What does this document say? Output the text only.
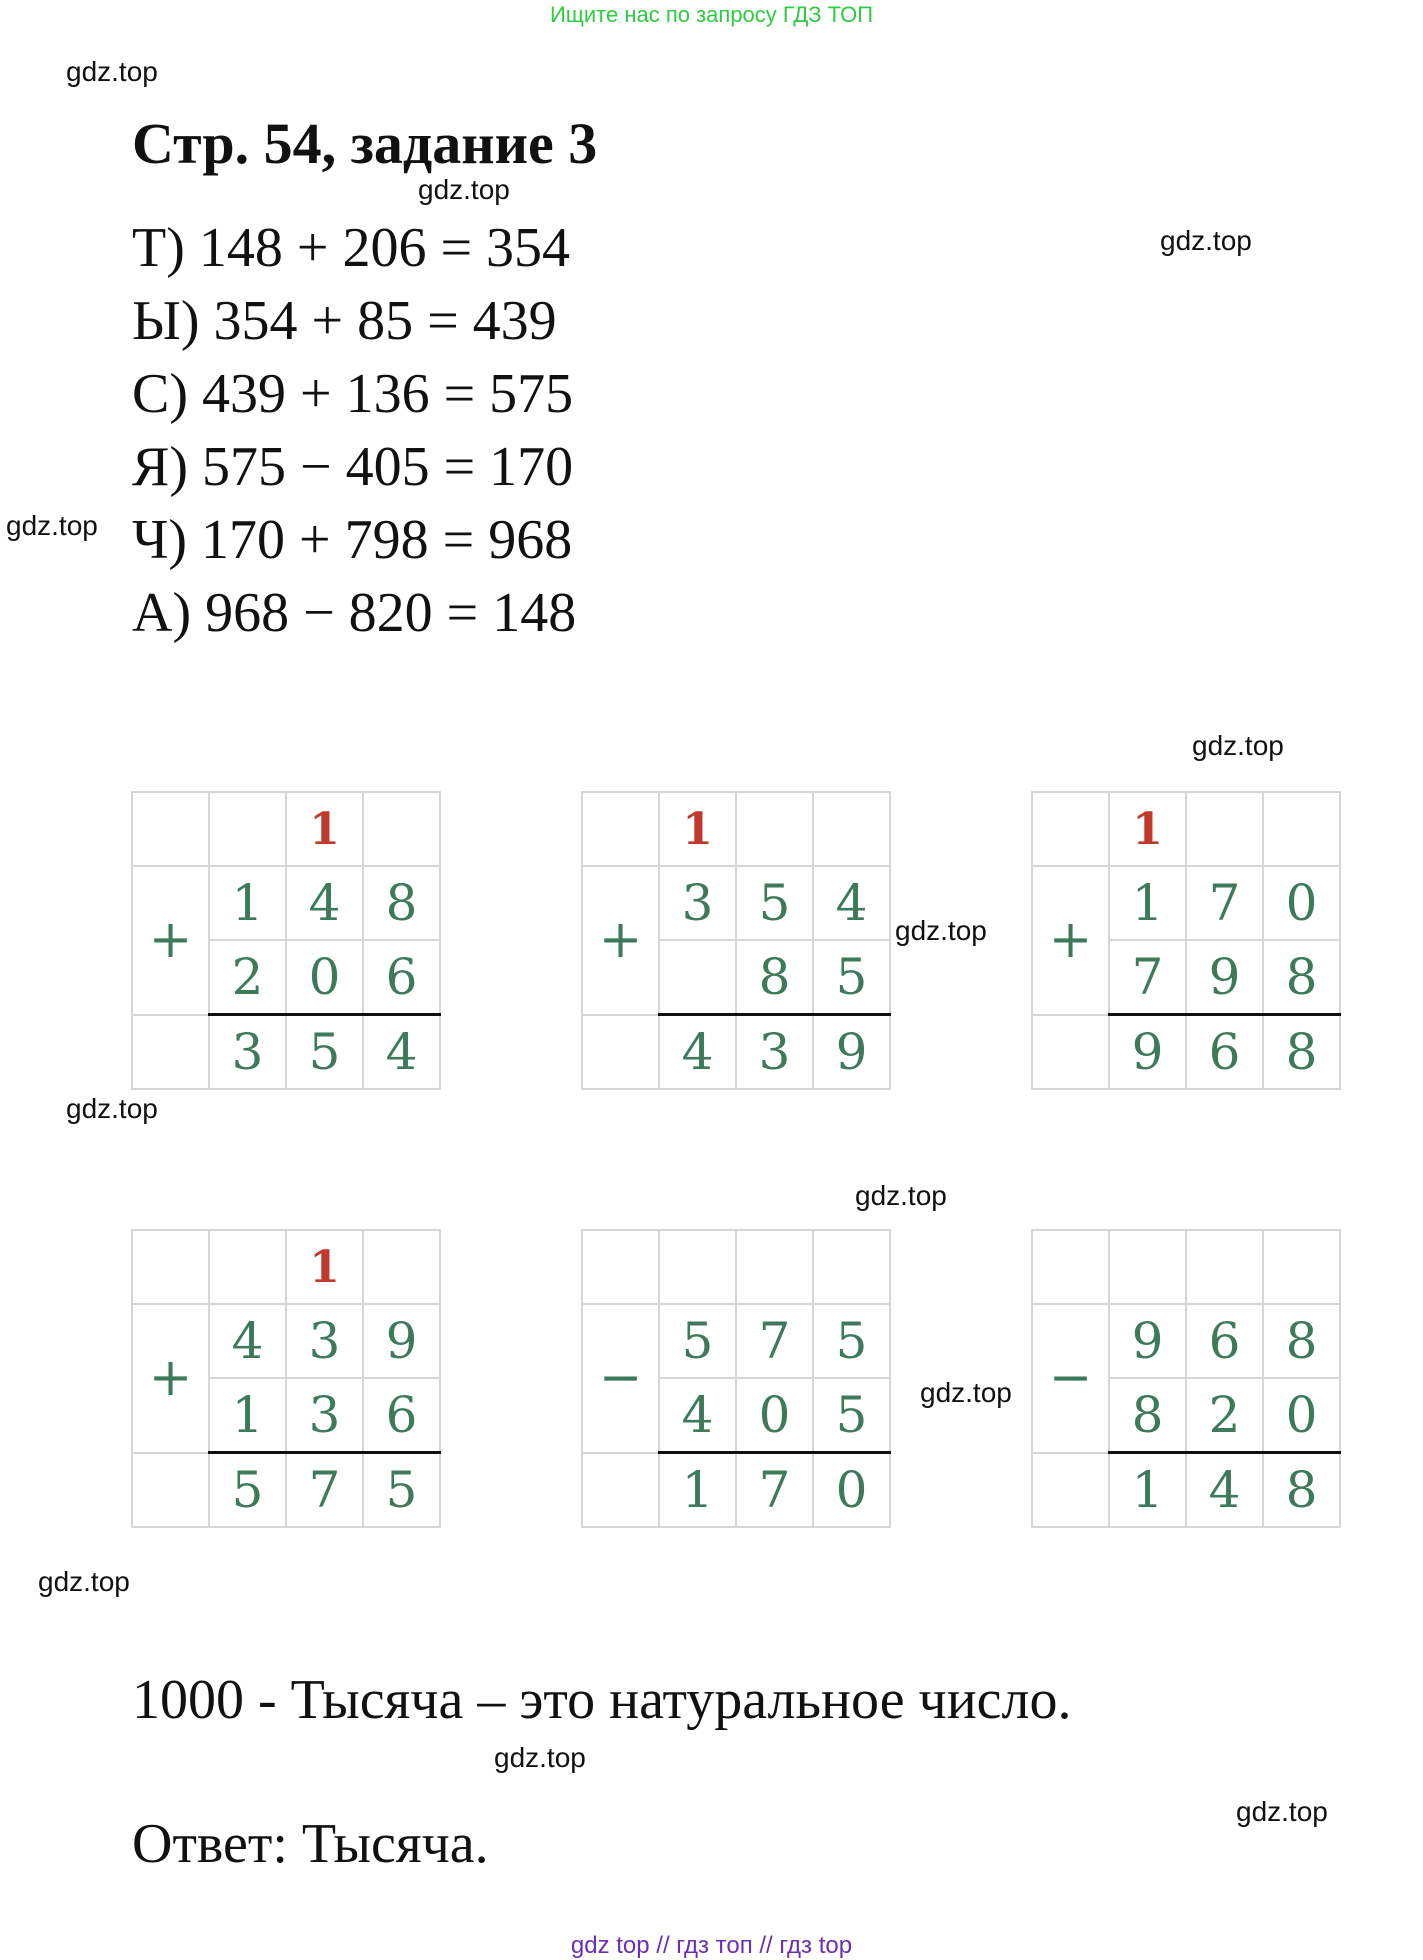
Ищите нас по запросу ГДЗ ТОП
gdz.top
gdz.top
gdz.top
gdz.top
gdz.top
gdz.top
gdz.top
gdz.top
gdz.top
gdz.top
gdz.top
gdz.top
Стр. 54, задание 3
Т) 148 + 206 = 354
Ы) 354 + 85 = 439
С) 439 + 136 = 575
Я) 575 − 405 = 170
Ч) 170 + 798 = 968
А) 968 − 820 = 148
		1	
+	1	4	8
	2	0	6
	3	5	4
	1		
+	3	5	4
		8	5
	4	3	9
	1		
+	1	7	0
	7	9	8
	9	6	8
		1	
+	4	3	9
	1	3	6
	5	7	5

−	5	7	5
	4	0	5
	1	7	0

−	9	6	8
	8	2	0
	1	4	8
1000 - Тысяча – это натуральное число.
Ответ: Тысяча.
gdz top // гдз топ // гдз top
